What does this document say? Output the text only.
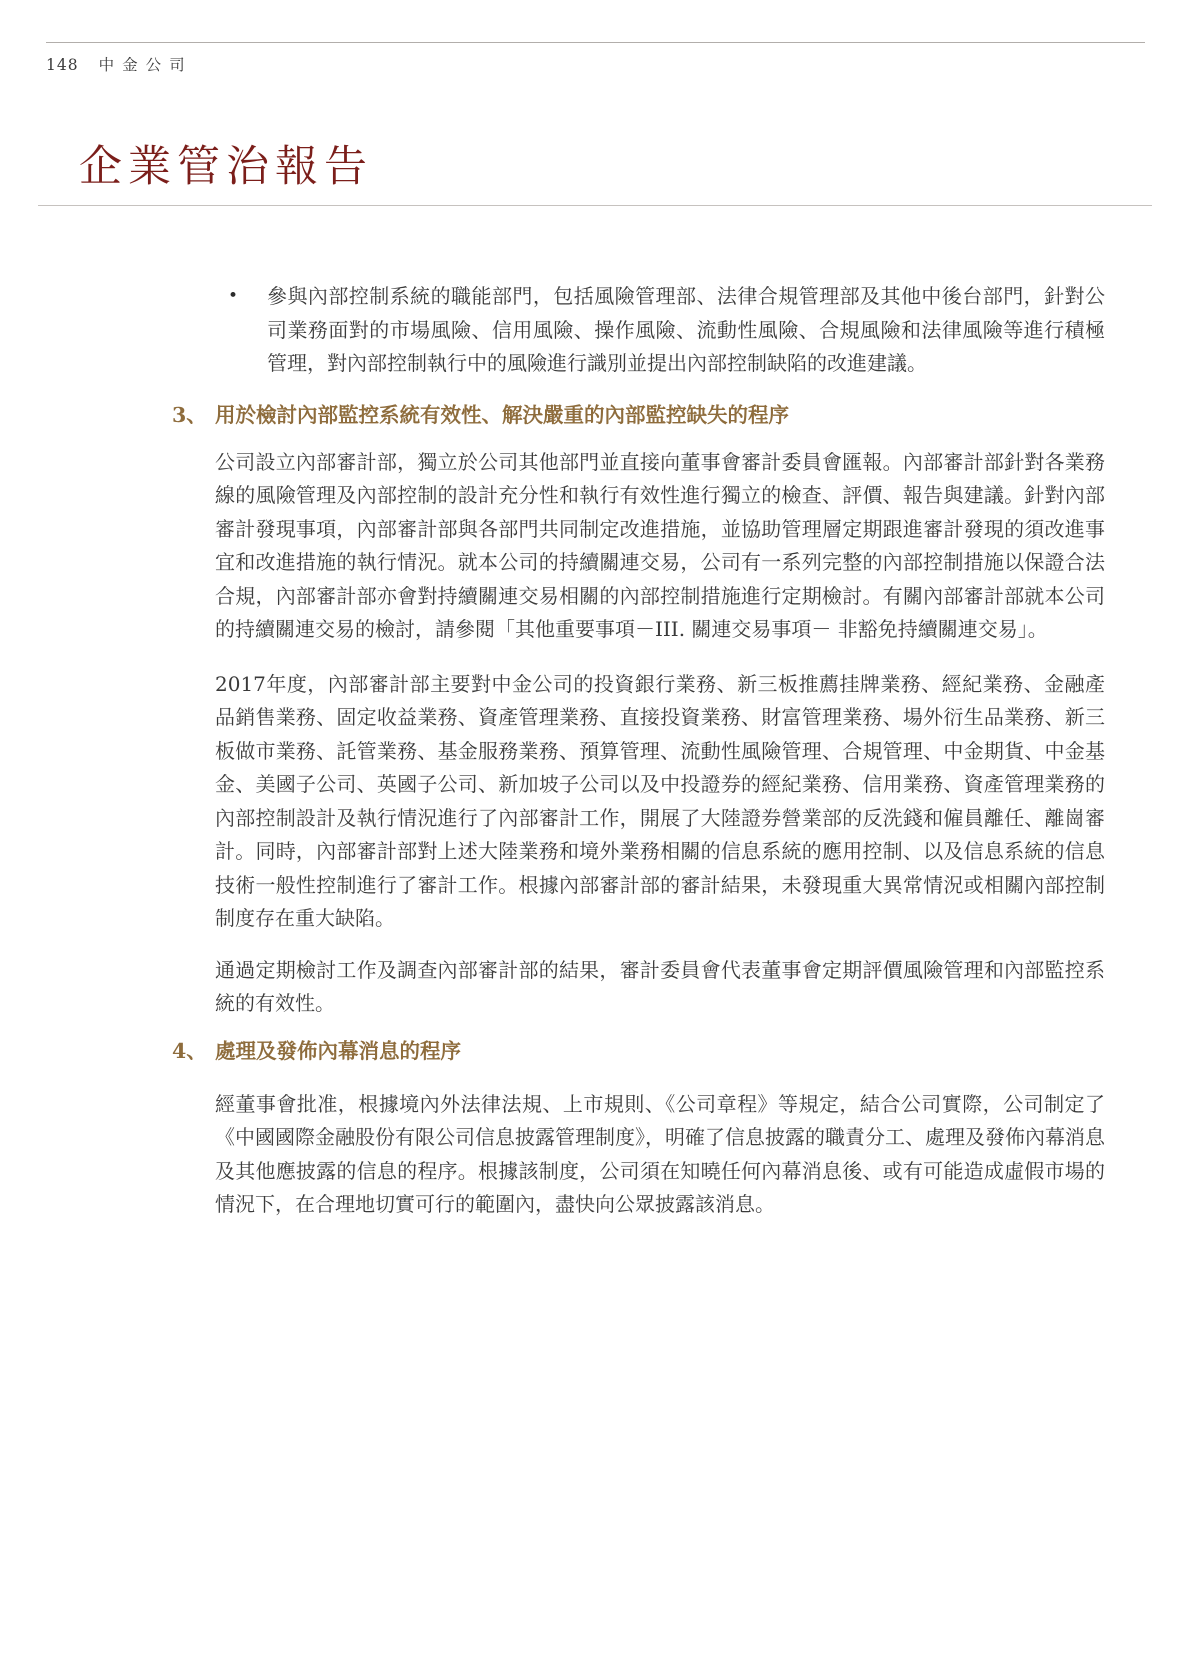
148 中金公司
企業管治報告
•	參與內部控制系統的職能部門，包括風險管理部、法律合規管理部及其他中後台部門，針對公司業務面對的市場風險、信用風險、操作風險、流動性風險、合規風險和法律風險等進行積極管理，對內部控制執行中的風險進行識別並提出內部控制缺陷的改進建議。

3、 用於檢討內部監控系統有效性、解決嚴重的內部監控缺失的程序

公司設立內部審計部，獨立於公司其他部門並直接向董事會審計委員會匯報。內部審計部針對各業務線的風險管理及內部控制的設計充分性和執行有效性進行獨立的檢查、評價、報告與建議。針對內部審計發現事項，內部審計部與各部門共同制定改進措施，並協助管理層定期跟進審計發現的須改進事宜和改進措施的執行情況。就本公司的持續關連交易，公司有一系列完整的內部控制措施以保證合法合規，內部審計部亦會對持續關連交易相關的內部控制措施進行定期檢討。有關內部審計部就本公司的持續關連交易的檢討，請參閱「其他重要事項－III. 關連交易事項－ 非豁免持續關連交易」。

2017年度，內部審計部主要對中金公司的投資銀行業務、新三板推薦挂牌業務、經紀業務、金融產品銷售業務、固定收益業務、資產管理業務、直接投資業務、財富管理業務、場外衍生品業務、新三板做市業務、託管業務、基金服務業務、預算管理、流動性風險管理、合規管理、中金期貨、中金基金、美國子公司、英國子公司、新加坡子公司以及中投證券的經紀業務、信用業務、資產管理業務的內部控制設計及執行情況進行了內部審計工作，開展了大陸證券營業部的反洗錢和僱員離任、離崗審計。同時，內部審計部對上述大陸業務和境外業務相關的信息系統的應用控制、以及信息系統的信息技術一般性控制進行了審計工作。根據內部審計部的審計結果，未發現重大異常情況或相關內部控制制度存在重大缺陷。

通過定期檢討工作及調查內部審計部的結果，審計委員會代表董事會定期評價風險管理和內部監控系統的有效性。

4、 處理及發佈內幕消息的程序

經董事會批准，根據境內外法律法規、上市規則、《公司章程》等規定，結合公司實際，公司制定了《中國國際金融股份有限公司信息披露管理制度》，明確了信息披露的職責分工、處理及發佈內幕消息及其他應披露的信息的程序。根據該制度，公司須在知曉任何內幕消息後、或有可能造成虛假市場的情況下，在合理地切實可行的範圍內，盡快向公眾披露該消息。
